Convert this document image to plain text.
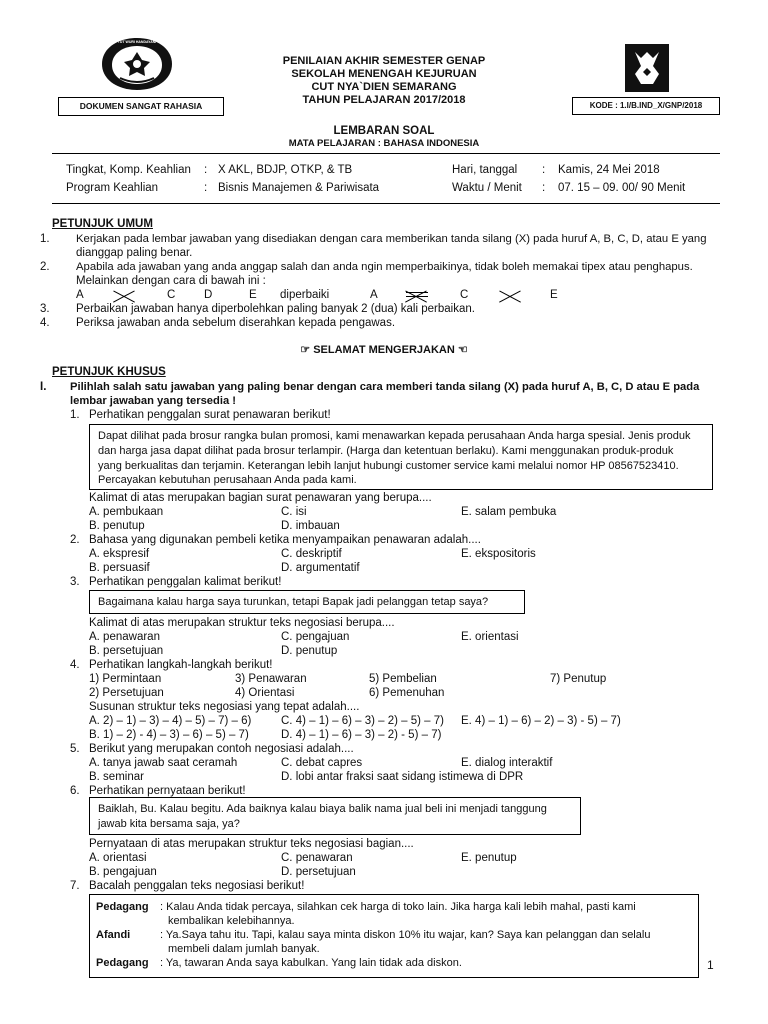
TUT WURI HANDAYANI
DOKUMEN SANGAT RAHASIA
PENILAIAN AKHIR SEMESTER GENAP
SEKOLAH MENENGAH KEJURUAN
CUT NYA`DIEN SEMARANG
TAHUN PELAJARAN 2017/2018	KODE : 1.I/B.IND_X/GNP/2018
LEMBARAN SOAL
MATA PELAJARAN : BAHASA INDONESIA
Tingkat, Komp. Keahlian : X AKL, BDJP, OTKP, & TB
Program Keahlian	: Bisnis Manajemen & Pariwisata
Hari, tanggal : Kamis, 24 Mei 2018
Waktu / Menit : 07. 15 – 09. 00/ 90 Menit
PETUNJUK UMUM
1. Kerjakan pada lembar jawaban yang disediakan dengan cara memberikan tanda silang (X) pada huruf A, B, C, D, atau E yang
dianggap paling benar.
2. Apabila ada jawaban yang anda anggap salah dan anda ngin memperbaikinya, tidak boleh memakai tipex atau penghapus.
Melainkan dengan cara di bawah ini :
A	C D	E diperbaiki	A	C	E
3. Perbaikan jawaban hanya diperbolehkan paling banyak 2 (dua) kali perbaikan.
4. Periksa jawaban anda sebelum diserahkan kepada pengawas.
☞ SELAMAT MENGERJAKAN ☜
PETUNJUK KHUSUS
I. Pilihlah salah satu jawaban yang paling benar dengan cara memberi tanda silang (X) pada huruf A, B, C, D atau E pada
lembar jawaban yang tersedia !
1. Perhatikan penggalan surat penawaran berikut!
Dapat dilihat pada brosur rangka bulan promosi, kami menawarkan kepada perusahaan Anda harga spesial. Jenis produk
dan harga jasa dapat dilihat pada brosur terlampir. (Harga dan ketentuan berlaku). Kami menggunakan produk-produk
yang berkualitas dan terjamin. Keterangan lebih lanjut hubungi customer service kami melalui nomor HP 08567523410.
Percayakan kebutuhan perusahaan Anda pada kami.
Kalimat di atas merupakan bagian surat penawaran yang berupa....
A. pembukaan	C. isi	E. salam pembuka
B. penutup	D. imbauan
2. Bahasa yang digunakan pembeli ketika menyampaikan penawaran adalah....
A. ekspresif	C. deskriptif	E. ekspositoris
B. persuasif	D. argumentatif
3. Perhatikan penggalan kalimat berikut!
Bagaimana kalau harga saya turunkan, tetapi Bapak jadi pelanggan tetap saya?
Kalimat di atas merupakan struktur teks negosiasi berupa....
A. penawaran	C. pengajuan	E. orientasi
B. persetujuan	D. penutup
4. Perhatikan langkah-langkah berikut!
1) Permintaan	3) Penawaran	5) Pembelian	7) Penutup
2) Persetujuan	4) Orientasi	6) Pemenuhan
Susunan struktur teks negosiasi yang tepat adalah....
A. 2) – 1) – 3) – 4) – 5) – 7) – 6)	C. 4) – 1) – 6) – 3) – 2) – 5) – 7) E. 4) – 1) – 6) – 2) – 3) - 5) – 7)
B. 1) – 2) - 4) – 3) – 6) – 5) – 7)	D. 4) – 1) – 6) – 3) – 2) - 5) – 7)
5. Berikut yang merupakan contoh negosiasi adalah....
A. tanya jawab saat ceramah	C. debat capres	E. dialog interaktif
B. seminar	D. lobi antar fraksi saat sidang istimewa di DPR
6. Perhatikan pernyataan berikut!
Baiklah, Bu. Kalau begitu. Ada baiknya kalau biaya balik nama jual beli ini menjadi tanggung
jawab kita bersama saja, ya?
Pernyataan di atas merupakan struktur teks negosiasi bagian....
A. orientasi	C. penawaran	E. penutup
B. pengajuan	D. persetujuan
7. Bacalah penggalan teks negosiasi berikut!
Pedagang : Kalau Anda tidak percaya, silahkan cek harga di toko lain. Jika harga kali lebih mahal, pasti kami
kembalikan kelebihannya.
Afandi	: Ya.Saya tahu itu. Tapi, kalau saya minta diskon 10% itu wajar, kan? Saya kan pelanggan dan selalu
membeli dalam jumlah banyak.
Pedagang : Ya, tawaran Anda saya kabulkan. Yang lain tidak ada diskon.	1
